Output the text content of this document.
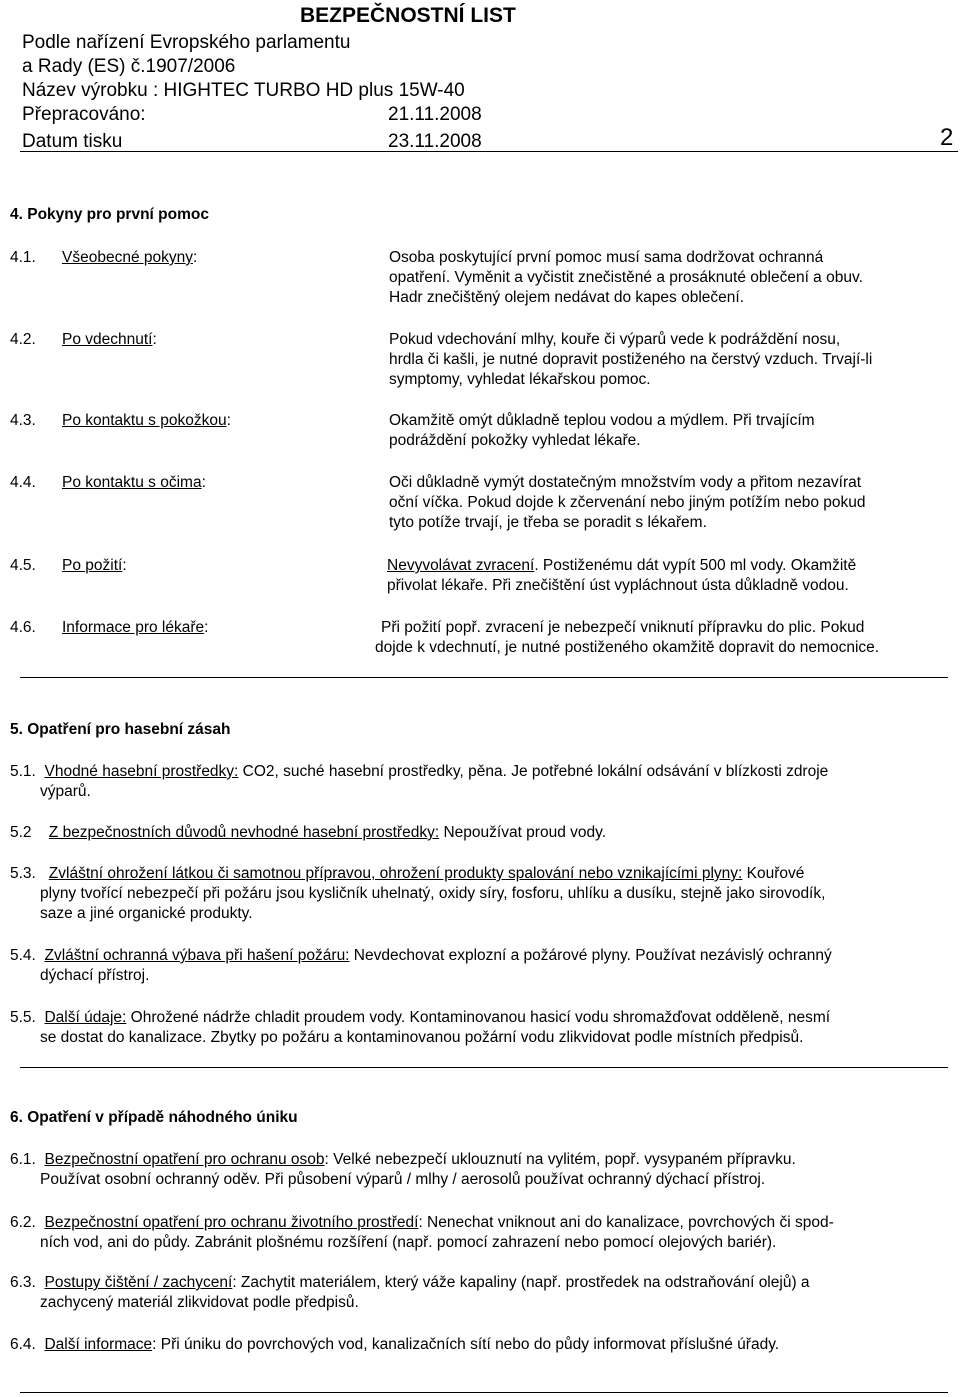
BEZPEČNOSTNÍ LIST
Podle nařízení Evropského parlamentu
a Rady (ES) č.1907/2006
Název výrobku : HIGHTEC TURBO HD plus 15W-40
Přepracováno:	21.11.2008
Datum tisku	23.11.2008	2
4. Pokyny pro první pomoc
4.1. Všeobecné pokyny:	Osoba poskytující první pomoc musí sama dodržovat ochranná
opatření. Vyměnit a vyčistit znečistěné a prosáknuté oblečení a obuv.
Hadr znečištěný olejem nedávat do kapes oblečení.
4.2. Po vdechnutí:	Pokud vdechování mlhy, kouře či výparů vede k podráždění nosu,
hrdla či kašli, je nutné dopravit postiženého na čerstvý vzduch. Trvají-li
symptomy, vyhledat lékařskou pomoc.
4.3. Po kontaktu s pokožkou:	Okamžitě omýt důkladně teplou vodou a mýdlem. Při trvajícím
podráždění pokožky vyhledat lékaře.
4.4. Po kontaktu s očima:	Oči důkladně vymýt dostatečným množstvím vody a přitom nezavírat
oční víčka. Pokud dojde k zčervenání nebo jiným potížím nebo pokud
tyto potíže trvají, je třeba se poradit s lékařem.
4.5. Po požití:	Nevyvolávat zvracení. Postiženému dát vypít 500 ml vody. Okamžitě
přivolat lékaře. Při znečištění úst vypláchnout ústa důkladně vodou.
4.6. Informace pro lékaře:	Při požití popř. zvracení je nebezpečí vniknutí přípravku do plic. Pokud
dojde k vdechnutí, je nutné postiženého okamžitě dopravit do nemocnice.
5. Opatření pro hasební zásah
5.1. Vhodné hasební prostředky: CO2, suché hasební prostředky, pěna. Je potřebné lokální odsávání v blízkosti zdroje
výparů.
5.2 Z bezpečnostních důvodů nevhodné hasební prostředky: Nepoužívat proud vody.
5.3. Zvláštní ohrožení látkou či samotnou přípravou, ohrožení produkty spalování nebo vznikajícími plyny: Kouřové
plyny tvořící nebezpečí při požáru jsou kysličník uhelnatý, oxidy síry, fosforu, uhlíku a dusíku, stejně jako sirovodík,
saze a jiné organické produkty.
5.4. Zvláštní ochranná výbava při hašení požáru: Nevdechovat explozní a požárové plyny. Používat nezávislý ochranný
dýchací přístroj.
5.5. Další údaje: Ohrožené nádrže chladit proudem vody. Kontaminovanou hasicí vodu shromažďovat odděleně, nesmí
se dostat do kanalizace. Zbytky po požáru a kontaminovanou požární vodu zlikvidovat podle místních předpisů.
6. Opatření v případě náhodného úniku
6.1. Bezpečnostní opatření pro ochranu osob: Velké nebezpečí uklouznutí na vylitém, popř. vysypaném přípravku.
Používat osobní ochranný oděv. Při působení výparů / mlhy / aerosolů používat ochranný dýchací přístroj.
6.2. Bezpečnostní opatření pro ochranu životního prostředí: Nenechat vniknout ani do kanalizace, povrchových či spod-
ních vod, ani do půdy. Zabránit plošnému rozšíření (např. pomocí zahrazení nebo pomocí olejových bariér).
6.3. Postupy čištění / zachycení: Zachytit materiálem, který váže kapaliny (např. prostředek na odstraňování olejů) a
zachycený materiál zlikvidovat podle předpisů.
6.4. Další informace: Při úniku do povrchových vod, kanalizačních sítí nebo do půdy informovat příslušné úřady.
